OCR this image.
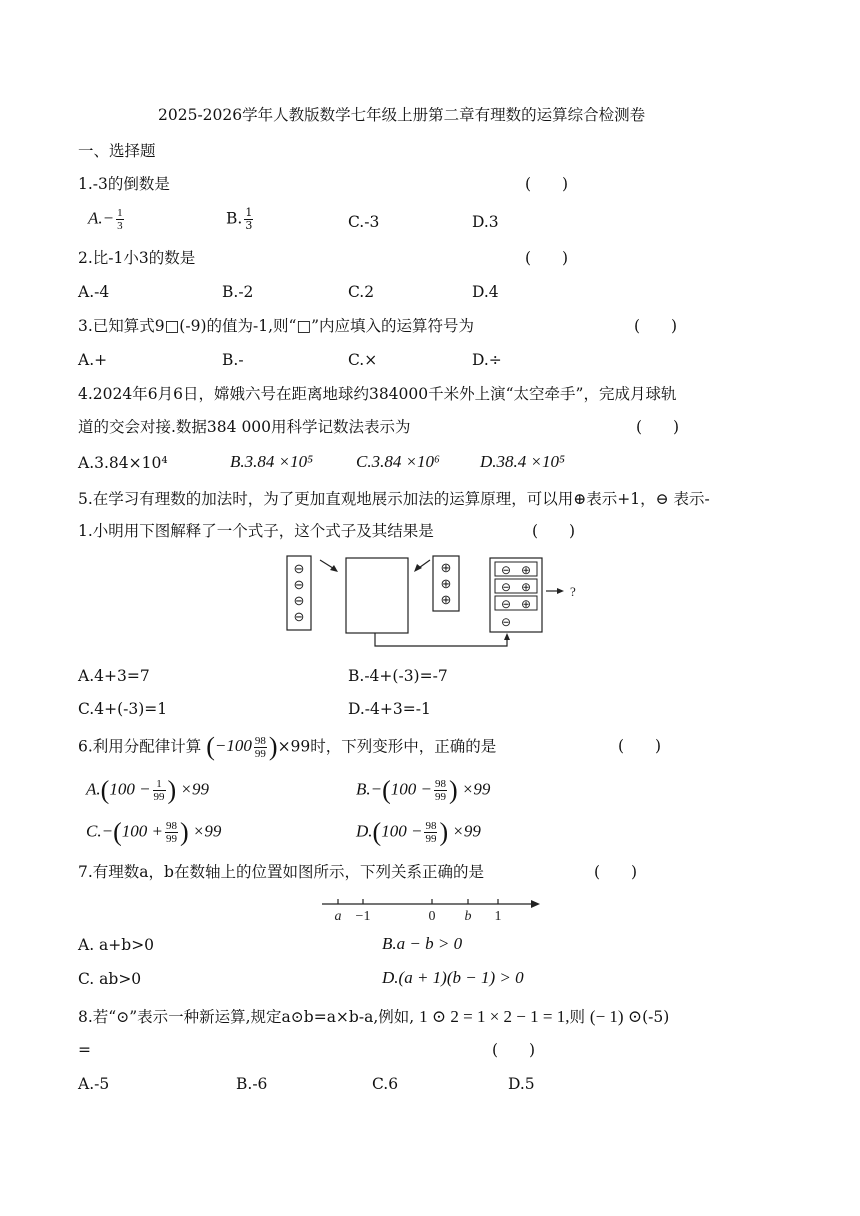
2025-2026学年人教版数学七年级上册第二章有理数的运算综合检测卷
一、选择题
1.-3的倒数是	(　　)
$A.- \frac{1}{3}$	B. $\frac{1}{3}$	C.-3	D.3
2.比-1小3的数是	(　　)
A.-4	B.-2	C.2	D.4
3.已知算式9□(-9)的值为-1,则“□”内应填入的运算符号为	(　　)
A.+	B.-	C.×	D.÷
4.2024年6月6日，嫦娥六号在距离地球约384000千米外上演“太空牵手”，完成月球轨
道的交会对接.数据384 000用科学记数法表示为	(　　)
A.3.84×10⁴	B.3.84 ×10⁵	C.3.84 ×10⁶ D.38.4 ×10⁵
5.在学习有理数的加法时，为了更加直观地展示加法的运算原理，可以用⊕表示+1，⊖ 表示-
1.小明用下图解释了一个式子，这个式子及其结果是	(　　)
⊖
⊖
⊖
⊖
⊕
⊕
⊕
⊖ ⊕
⊖ ⊕
⊖ ⊕
⊖
?
A.4+3=7	B.-4+(-3)=-7
C.4+(-3)=1	D.-4+3=-1
6.利用分配律计算 $(-100 \frac{98}{99} )\times 99$时，下列变形中，正确的是	(　　)
$A.(100 - \frac{1}{99}$ ) ×99	$B.-(100 - \frac{98}{99}$ ) ×99
$C.-(100 + \frac{98}{99}$ ) ×99	$D.(100 - \frac{98}{99}$ ) ×99
7.有理数a，b在数轴上的位置如图所示，下列关系正确的是	(　　)
a −1	0 b 1
A. a+b>0	B.a − b > 0
C. ab>0	D.(a + 1)(b − 1) > 0
8.若“⊙”表示一种新运算,规定a⊙b=a×b-a,例如, 1 ⊙ 2 = 1 × 2 − 1 = 1,则 (− 1) ⊙(-5)
=	(　　)
A.-5	B.-6	C.6	D.5
